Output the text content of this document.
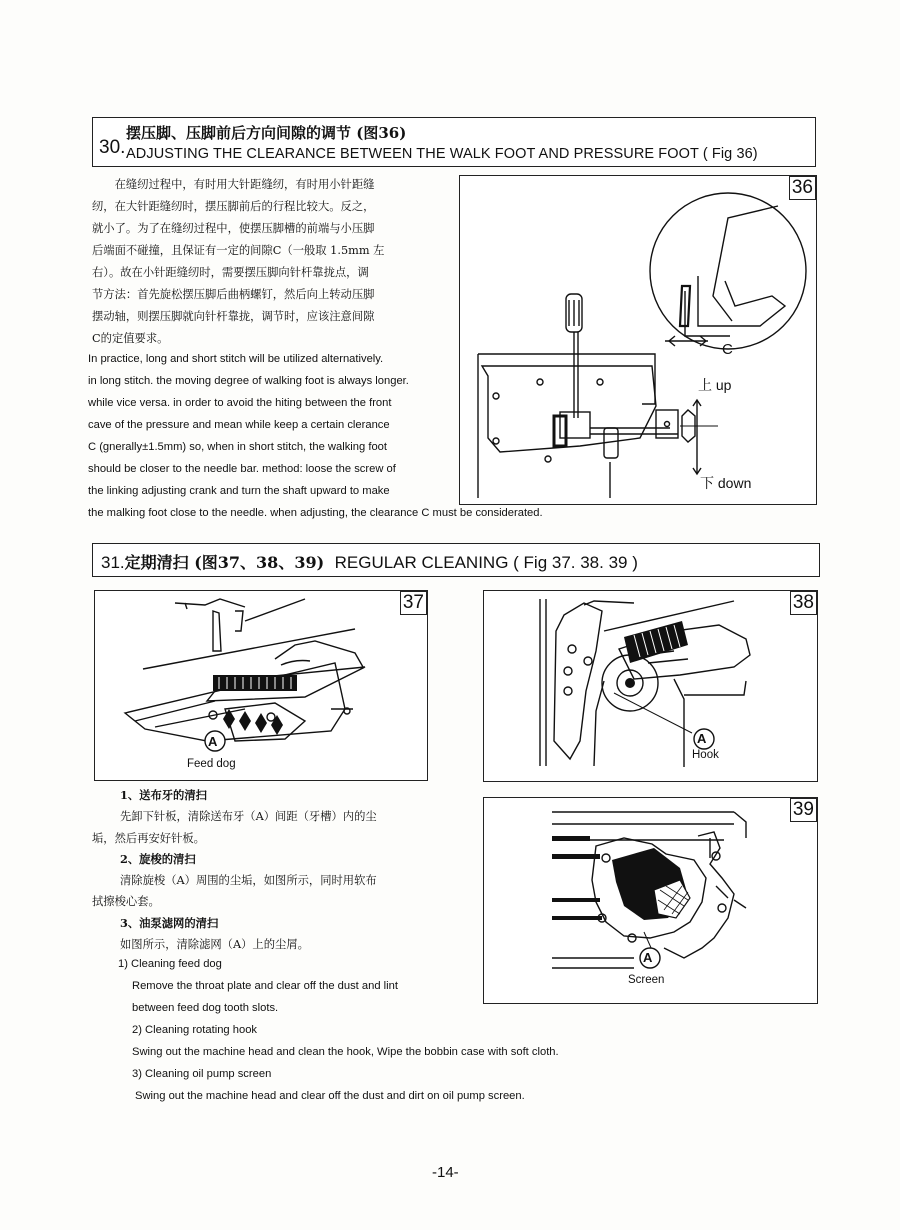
30.
摆压脚、压脚前后方向间隙的调节 (图36)
ADJUSTING THE CLEARANCE BETWEEN THE WALK FOOT AND PRESSURE FOOT ( Fig 36)
在缝纫过程中，有时用大针距缝纫，有时用小针距缝
纫，在大针距缝纫时，摆压脚前后的行程比较大。反之，
就小了。为了在缝纫过程中，使摆压脚槽的前端与小压脚
后端面不碰撞，且保证有一定的间隙C（一般取 1.5mm 左
右）。故在小针距缝纫时，需要摆压脚向针杆靠拢点，调
节方法：首先旋松摆压脚后曲柄螺钉，然后向上转动压脚
摆动轴，则摆压脚就向针杆靠拢，调节时，应该注意间隙
C的定值要求。
In practice, long and short stitch will be utilized alternatively.
in long stitch. the moving degree of walking foot is always longer.
while vice versa. in order to avoid the hiting between the front
cave of the pressure and mean while keep a certain clerance
C (gnerally±1.5mm) so, when in short stitch, the walking foot
should be closer to the needle bar. method: loose the screw of
the linking adjusting crank and turn the shaft upward to make
the malking foot close to the needle. when adjusting, the clearance C must be considerated.
36
C
上 up
下 down
31.定期清扫 (图37、38、39) REGULAR CLEANING ( Fig 37. 38. 39 )
37
A
Feed dog
38
A
Hook
39
A
Screen
1、送布牙的清扫
先卸下针板，清除送布牙（A）间距（牙槽）内的尘
垢，然后再安好针板。
2、旋梭的清扫
清除旋梭（A）周围的尘垢，如图所示，同时用软布
拭擦梭心套。
3、油泵滤网的清扫
如图所示，清除滤网（A）上的尘屑。
1) Cleaning feed dog
Remove the throat plate and clear off the dust and lint
between feed dog tooth slots.
2) Cleaning rotating hook
Swing out the machine head and clean the hook, Wipe the bobbin case with soft cloth.
3) Cleaning oil pump screen
Swing out the machine head and clear off the dust and dirt on oil pump screen.
-14-
